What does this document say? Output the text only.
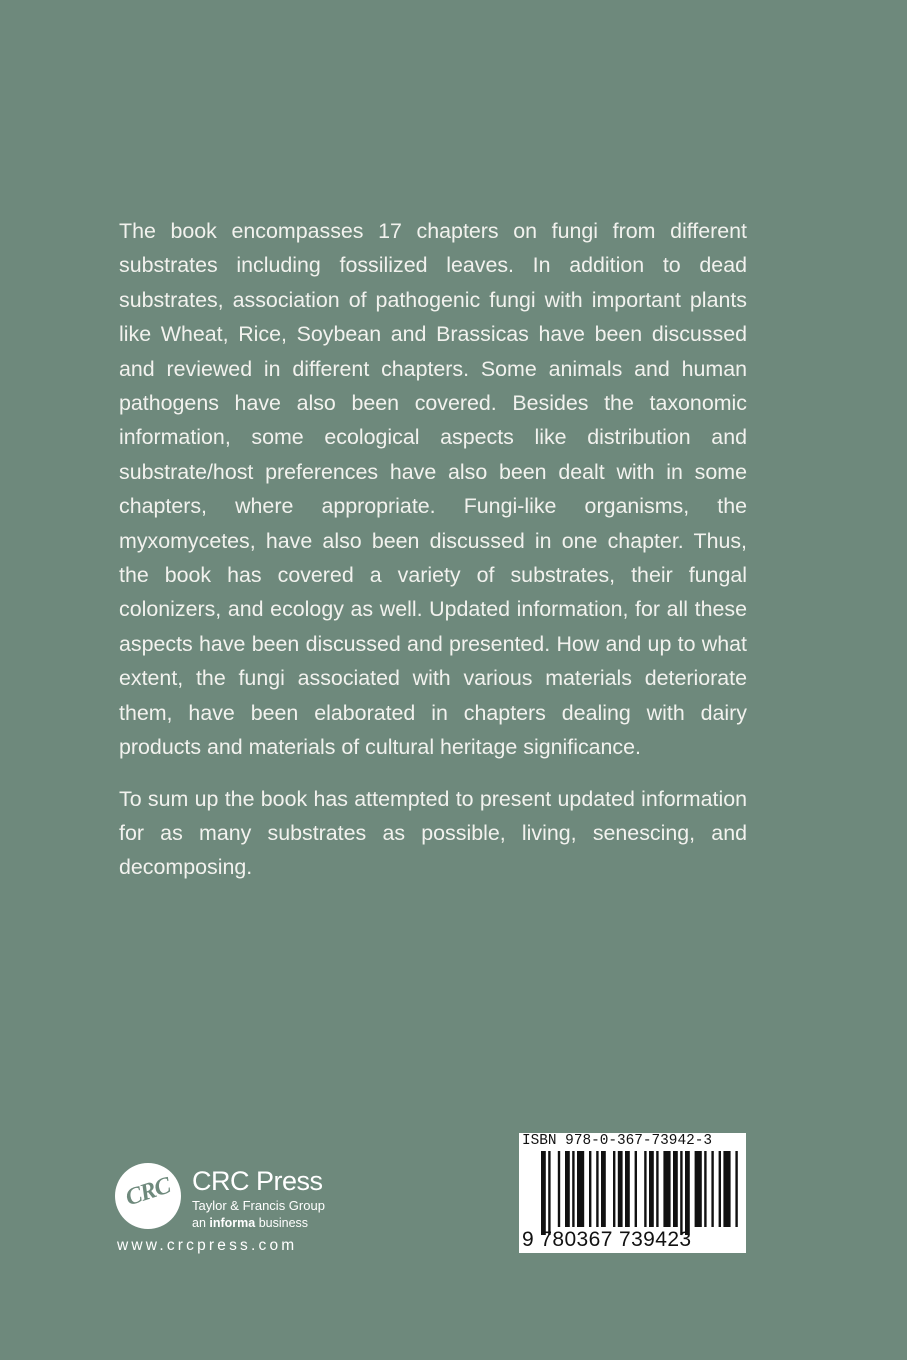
The book encompasses 17 chapters on fungi from different substrates including fossilized leaves. In addition to dead substrates, association of pathogenic fungi with important plants like Wheat, Rice, Soybean and Brassicas have been discussed and reviewed in different chapters. Some animals and human pathogens have also been covered. Besides the taxonomic information, some ecological aspects like distribution and substrate/host preferences have also been dealt with in some chapters, where appropriate. Fungi-like organisms, the myxomycetes, have also been discussed in one chapter. Thus, the book has covered a variety of substrates, their fungal colonizers, and ecology as well. Updated information, for all these aspects have been discussed and presented. How and up to what extent, the fungi associated with various materials deteriorate them, have been elaborated in chapters dealing with dairy products and materials of cultural heritage significance.

To sum up the book has attempted to present updated information for as many substrates as possible, living, senescing, and decomposing.

CRC CRC Press
Taylor & Francis Group
an informa business
www.crcpress.com
ISBN 978-0-367-73942-3
9 780367 739423
